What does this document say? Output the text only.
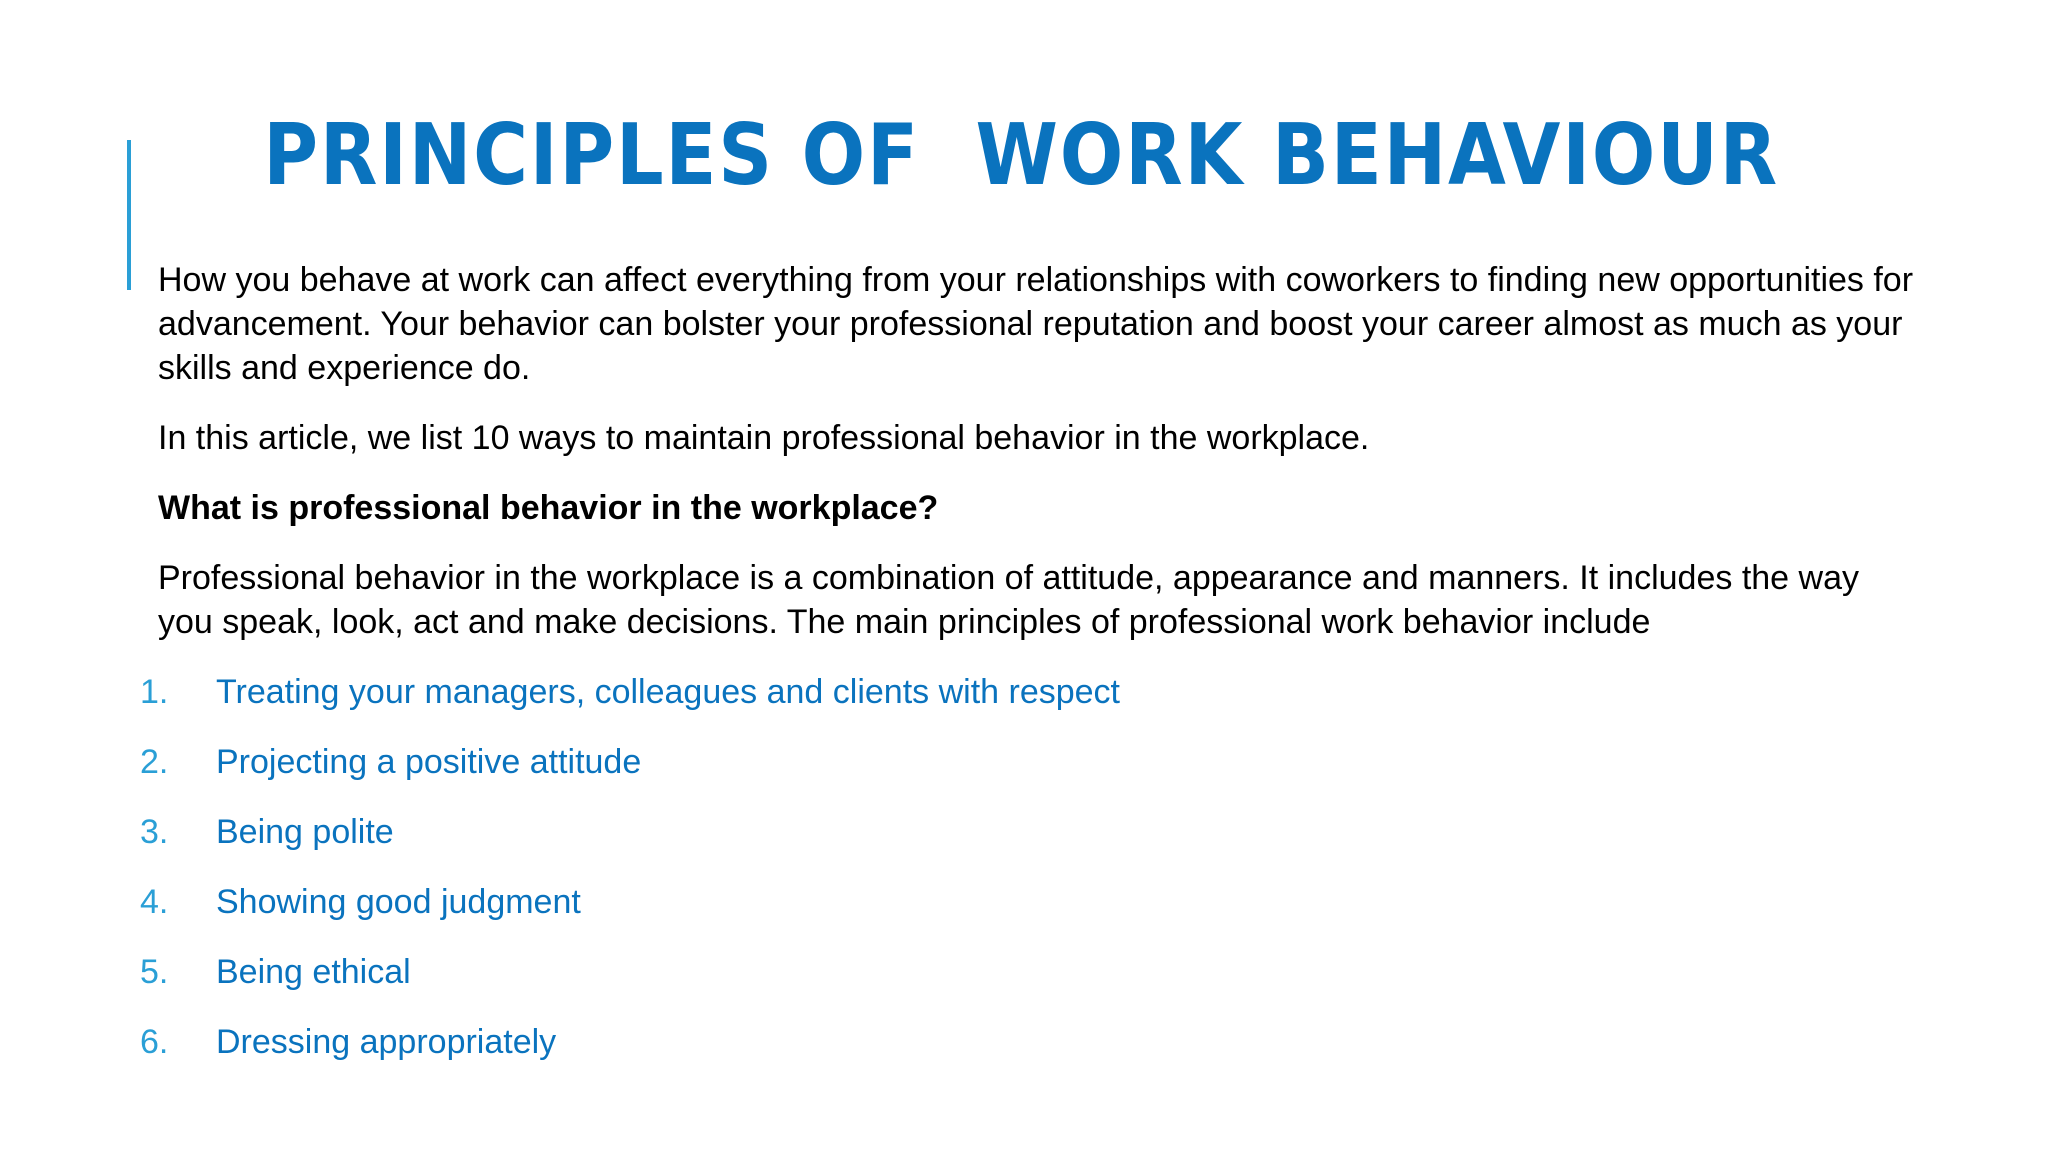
PRINCIPLES OF  WORK BEHAVIOUR

How you behave at work can affect everything from your relationships with coworkers to finding new opportunities for advancement. Your behavior can bolster your professional reputation and boost your career almost as much as your skills and experience do.

In this article, we list 10 ways to maintain professional behavior in the workplace.

What is professional behavior in the workplace?

Professional behavior in the workplace is a combination of attitude, appearance and manners. It includes the way you speak, look, act and make decisions. The main principles of professional work behavior include

1. Treating your managers, colleagues and clients with respect
2. Projecting a positive attitude
3. Being polite
4. Showing good judgment
5. Being ethical
6. Dressing appropriately
